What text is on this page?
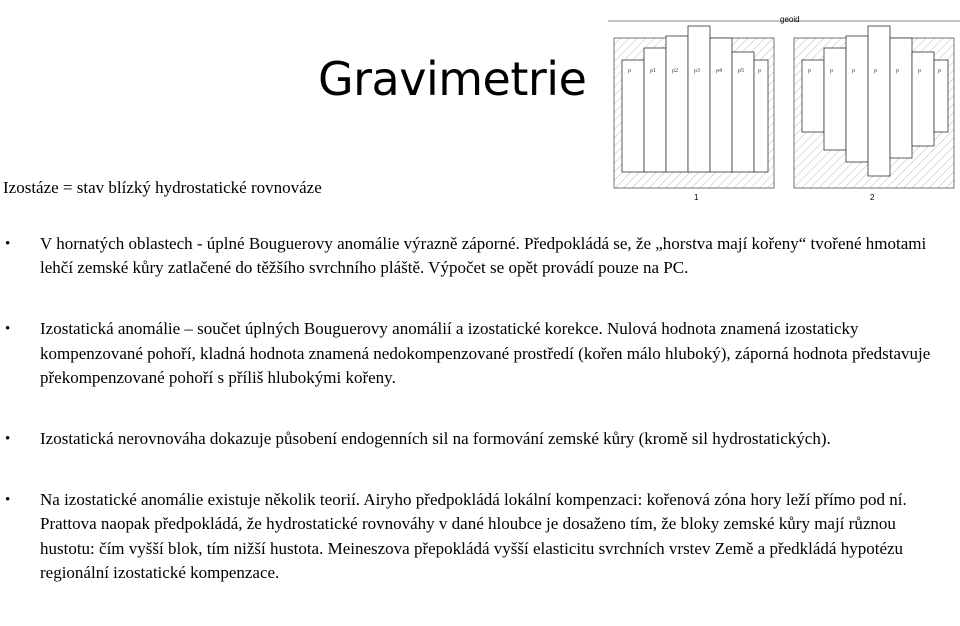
Gravimetrie
geoid
ρ	ρ1	ρ2	ρ3	ρ4	ρ5 ρ
1
ρ	ρ	ρ	ρ	ρ	ρ	ρ
2
Izostáze = stav blízký hydrostatické rovnováze
• V hornatých oblastech - úplné Bouguerovy anomálie výrazně záporné. Předpokládá se, že „horstva mají kořeny“ tvořené hmotami lehčí zemské kůry zatlačené do těžšího svrchního pláště. Výpočet se opět provádí pouze na PC.
• Izostatická anomálie – součet úplných Bouguerovy anomálií a izostatické korekce. Nulová hodnota znamená izostaticky kompenzované pohoří, kladná hodnota znamená nedokompenzované prostředí (kořen málo hluboký), záporná hodnota představuje překompenzované pohoří s příliš hlubokými kořeny.
• Izostatická nerovnováha dokazuje působení endogenních sil na formování zemské kůry (kromě sil hydrostatických).
• Na izostatické anomálie existuje několik teorií. Airyho předpokládá lokální kompenzaci: kořenová zóna hory leží přímo pod ní. Prattova naopak předpokládá, že hydrostatické rovnováhy v dané hloubce je dosaženo tím, že bloky zemské kůry mají různou hustotu: čím vyšší blok, tím nižší hustota. Meineszova přepokládá vyšší elasticitu svrchních vrstev Země a předkládá hypotézu regionální izostatické kompenzace.
